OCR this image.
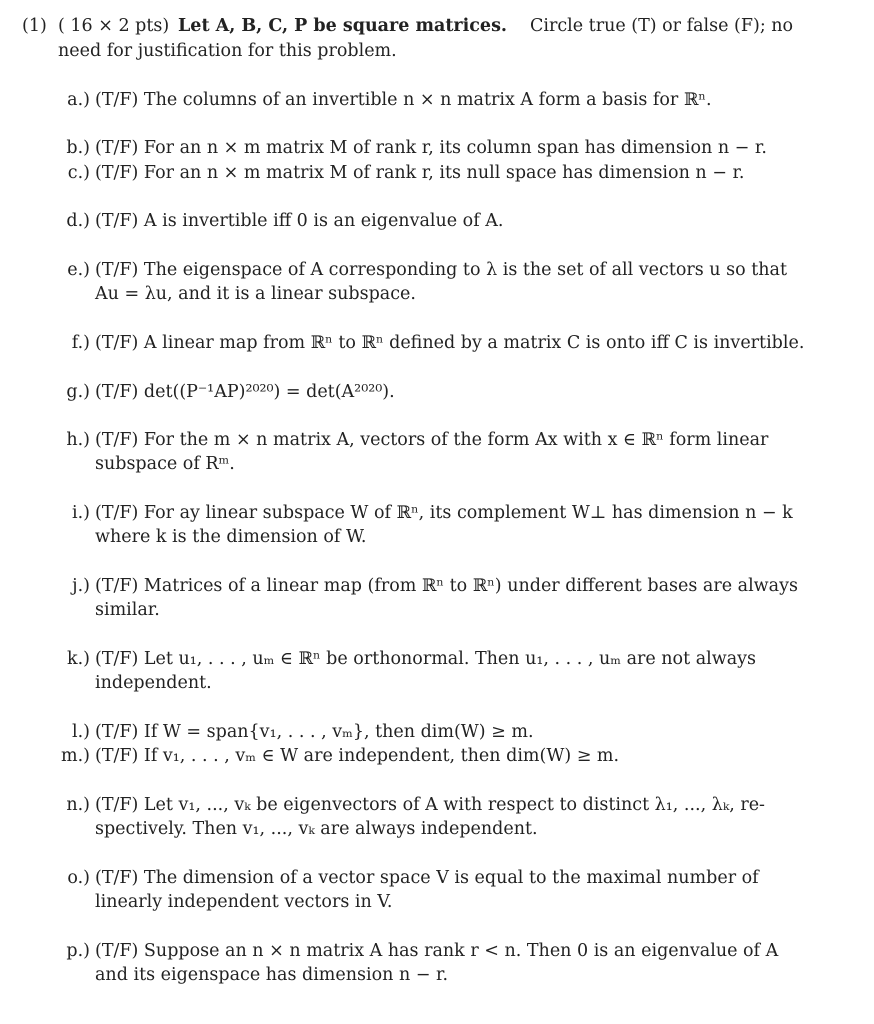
(1) ( 16 × 2 pts) Let A, B, C, P be square matrices. Circle true (T) or false (F); no
need for justification for this problem.
a.) (T/F) The columns of an invertible n × n matrix A form a basis for ℝⁿ.
b.) (T/F) For an n × m matrix M of rank r, its column span has dimension n − r.
c.) (T/F) For an n × m matrix M of rank r, its null space has dimension n − r.
d.) (T/F) A is invertible iff 0 is an eigenvalue of A.
e.) (T/F) The eigenspace of A corresponding to λ is the set of all vectors u so that
Au = λu, and it is a linear subspace.
f.) (T/F) A linear map from ℝⁿ to ℝⁿ defined by a matrix C is onto iff C is invertible.
g.) (T/F) det((P⁻¹AP)²⁰²⁰) = det(A²⁰²⁰).
h.) (T/F) For the m × n matrix A, vectors of the form Ax with x ∈ ℝⁿ form linear
subspace of Rᵐ.
i.) (T/F) For ay linear subspace W of ℝⁿ, its complement W⊥ has dimension n − k
where k is the dimension of W.
j.) (T/F) Matrices of a linear map (from ℝⁿ to ℝⁿ) under different bases are always
similar.
k.) (T/F) Let u₁, . . . , uₘ ∈ ℝⁿ be orthonormal. Then u₁, . . . , uₘ are not always
independent.
l.) (T/F) If W = span{v₁, . . . , vₘ}, then dim(W) ≥ m.
m.) (T/F) If v₁, . . . , vₘ ∈ W are independent, then dim(W) ≥ m.
n.) (T/F) Let v₁, ..., vₖ be eigenvectors of A with respect to distinct λ₁, ..., λₖ, re-
spectively. Then v₁, ..., vₖ are always independent.
o.) (T/F) The dimension of a vector space V is equal to the maximal number of
linearly independent vectors in V.
p.) (T/F) Suppose an n × n matrix A has rank r < n. Then 0 is an eigenvalue of A
and its eigenspace has dimension n − r.
